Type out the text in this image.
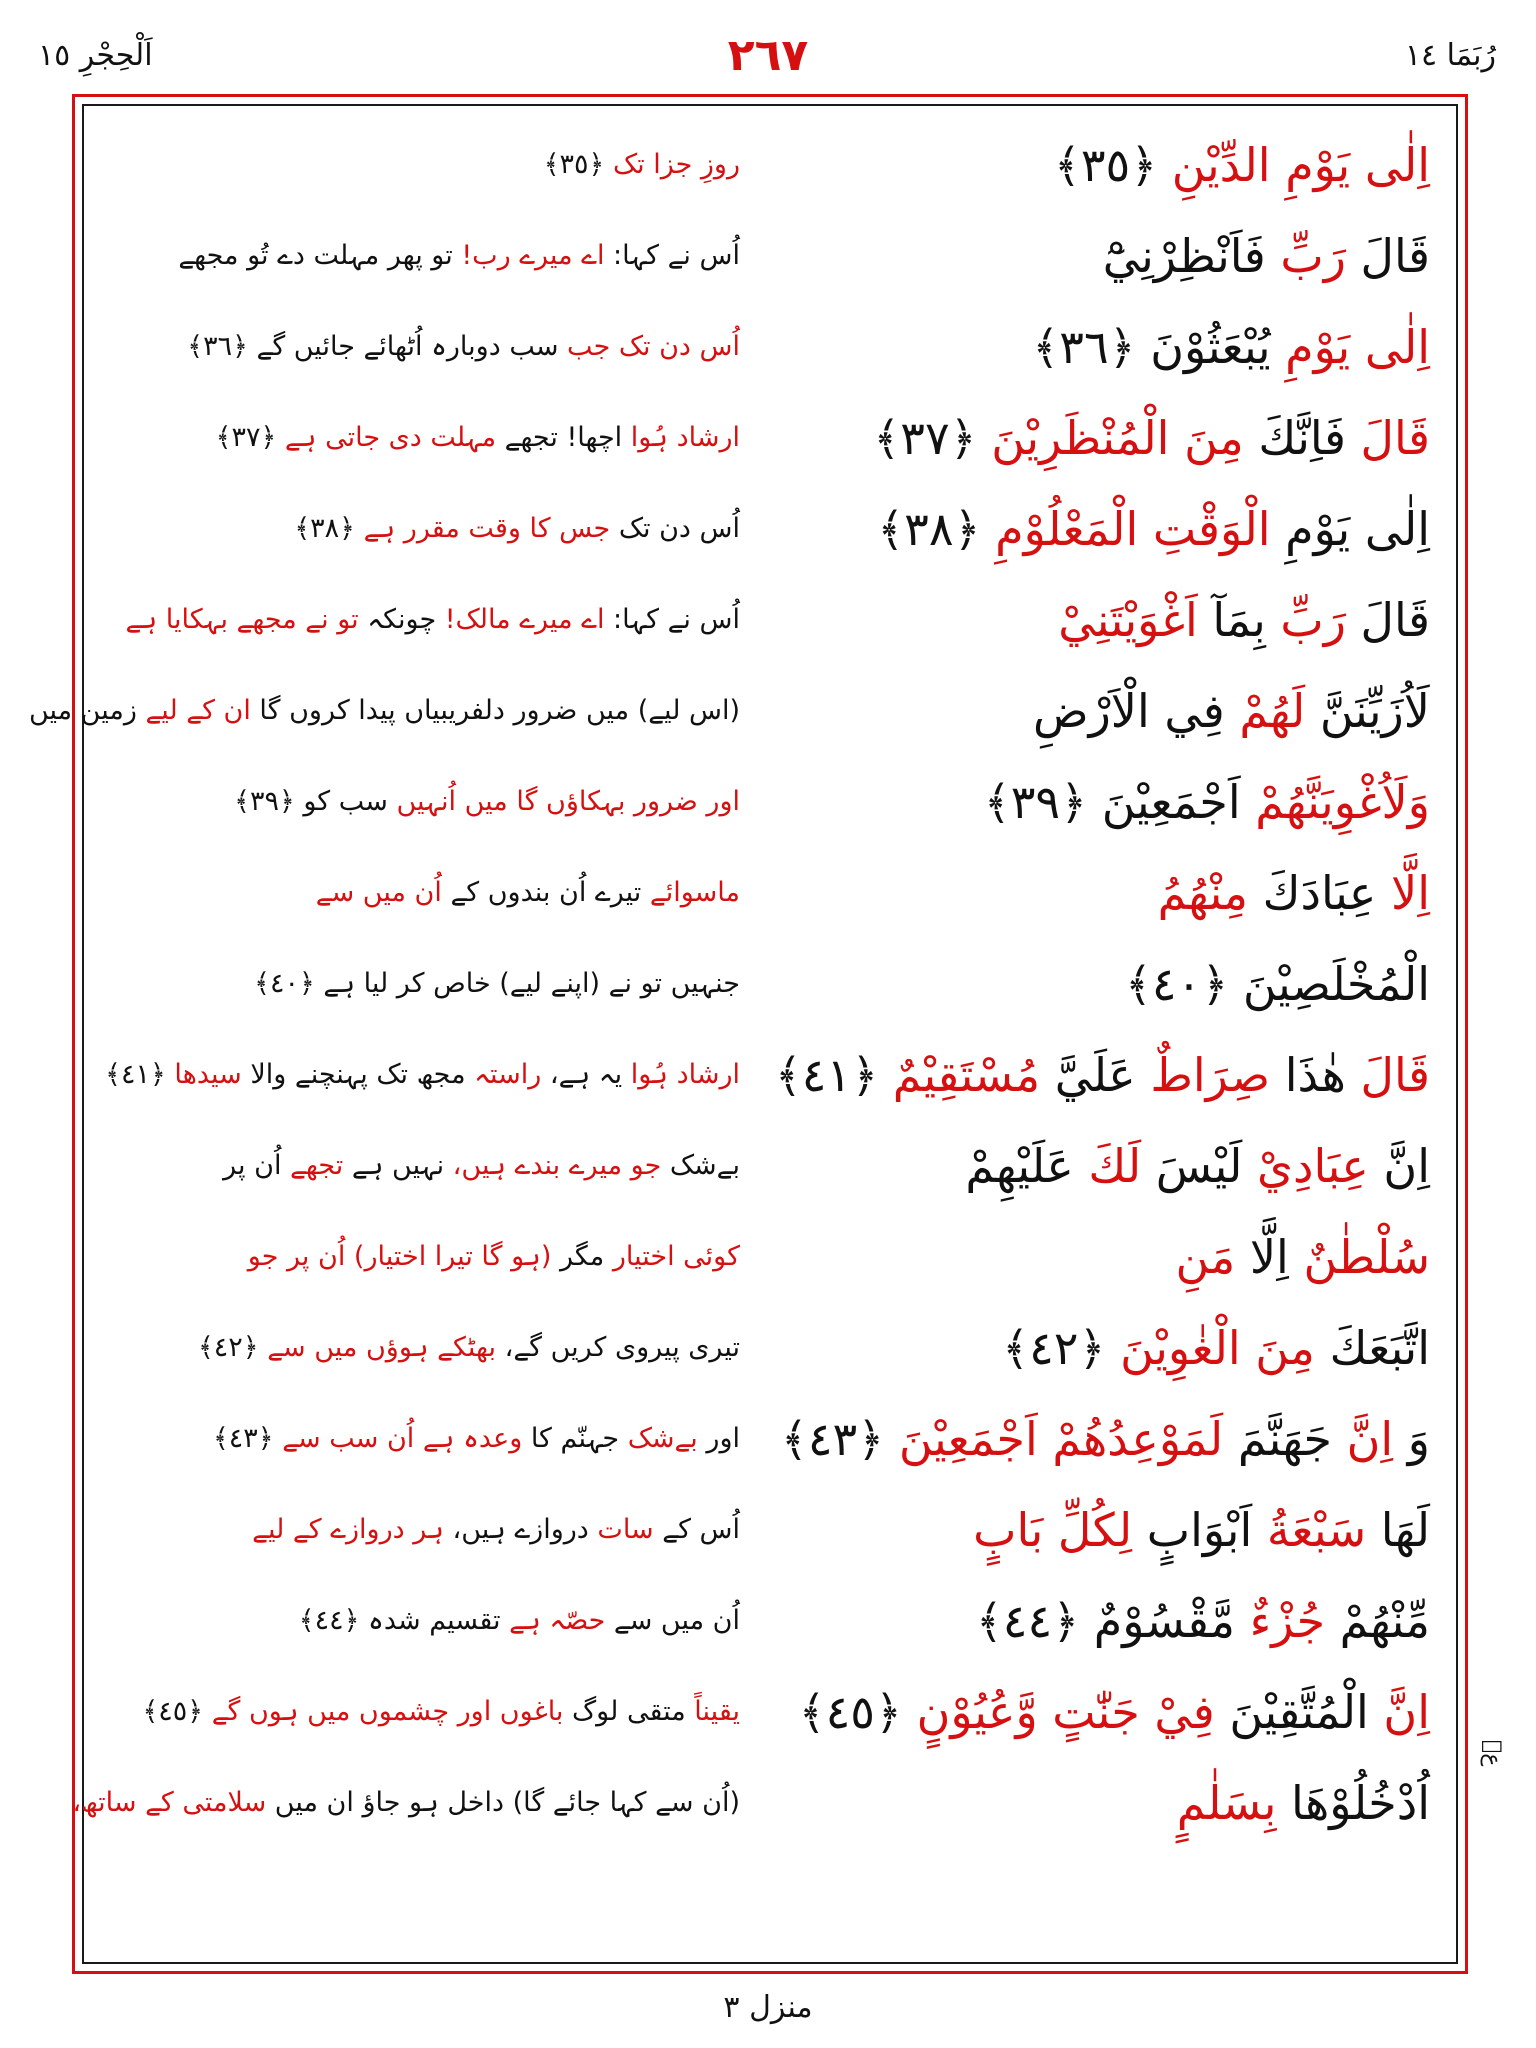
اَلْحِجْرِ ١٥	٢٦٧	رُبَمَا ١٤
اِلٰى يَوْمِ الدِّيْنِ ﴿٣٥﴾
روزِ جزا تک ﴿٣٥﴾
قَالَ رَبِّ فَاَنْظِرْنِيْٓ
اُس نے کہا: اے میرے رب! تو پھر مہلت دے تُو مجھے
اِلٰى يَوْمِ يُبْعَثُوْنَ ﴿٣٦﴾
اُس دن تک جب سب دوبارہ اُٹھائے جائیں گے ﴿٣٦﴾
قَالَ فَاِنَّكَ مِنَ الْمُنْظَرِيْنَ ﴿٣٧﴾
ارشاد ہُوا اچھا! تجھے مہلت دی جاتی ہے ﴿٣٧﴾
اِلٰى يَوْمِ الْوَقْتِ الْمَعْلُوْمِ ﴿٣٨﴾
اُس دن تک جس کا وقت مقرر ہے ﴿٣٨﴾
قَالَ رَبِّ بِمَآ اَغْوَيْتَنِيْ
اُس نے کہا: اے میرے مالک! چونکہ تو نے مجھے بہکایا ہے
لَاُزَيِّنَنَّ لَهُمْ فِي الْاَرْضِ
(اس لیے) میں ضرور دلفریبیاں پیدا کروں گا ان کے لیے زمین میں
وَلَاُغْوِيَنَّهُمْ اَجْمَعِيْنَ ﴿٣٩﴾
اور ضرور بہکاؤں گا میں اُنہیں سب کو ﴿٣٩﴾
اِلَّا عِبَادَكَ مِنْهُمُ
ماسوائے تیرے اُن بندوں کے اُن میں سے
الْمُخْلَصِيْنَ ﴿٤٠﴾
جنہیں تو نے (اپنے لیے) خاص کر لیا ہے ﴿٤٠﴾
قَالَ هٰذَا صِرَاطٌ عَلَيَّ مُسْتَقِيْمٌ ﴿٤١﴾
ارشاد ہُوا یہ ہے، راستہ مجھ تک پہنچنے والا سیدھا ﴿٤١﴾
اِنَّ عِبَادِيْ لَيْسَ لَكَ عَلَيْهِمْ
بےشک جو میرے بندے ہیں، نہیں ہے تجھے اُن پر
سُلْطٰنٌ اِلَّا مَنِ
کوئی اختیار مگر (ہو گا تیرا اختیار) اُن پر جو
اتَّبَعَكَ مِنَ الْغٰوِيْنَ ﴿٤٢﴾
تیری پیروی کریں گے، بھٹکے ہوؤں میں سے ﴿٤٢﴾
وَ اِنَّ جَهَنَّمَ لَمَوْعِدُهُمْ اَجْمَعِيْنَ ﴿٤٣﴾
اور بےشک جہنّم کا وعدہ ہے اُن سب سے ﴿٤٣﴾
لَهَا سَبْعَةُ اَبْوَابٍ لِكُلِّ بَابٍ
اُس کے سات دروازے ہیں، ہر دروازے کے لیے
مِّنْهُمْ جُزْءٌ مَّقْسُوْمٌ ﴿٤٤﴾
اُن میں سے حصّہ ہے تقسیم شدہ ﴿٤٤﴾
اِنَّ الْمُتَّقِيْنَ فِيْ جَنّٰتٍ وَّعُيُوْنٍ ﴿٤٥﴾
یقیناً متقی لوگ باغوں اور چشموں میں ہوں گے ﴿٤٥﴾
اُدْخُلُوْهَا بِسَلٰمٍ
(اُن سے کہا جائے گا) داخل ہو جاؤ ان میں سلامتی کے ساتھ،
عۖ
منزل ٣
